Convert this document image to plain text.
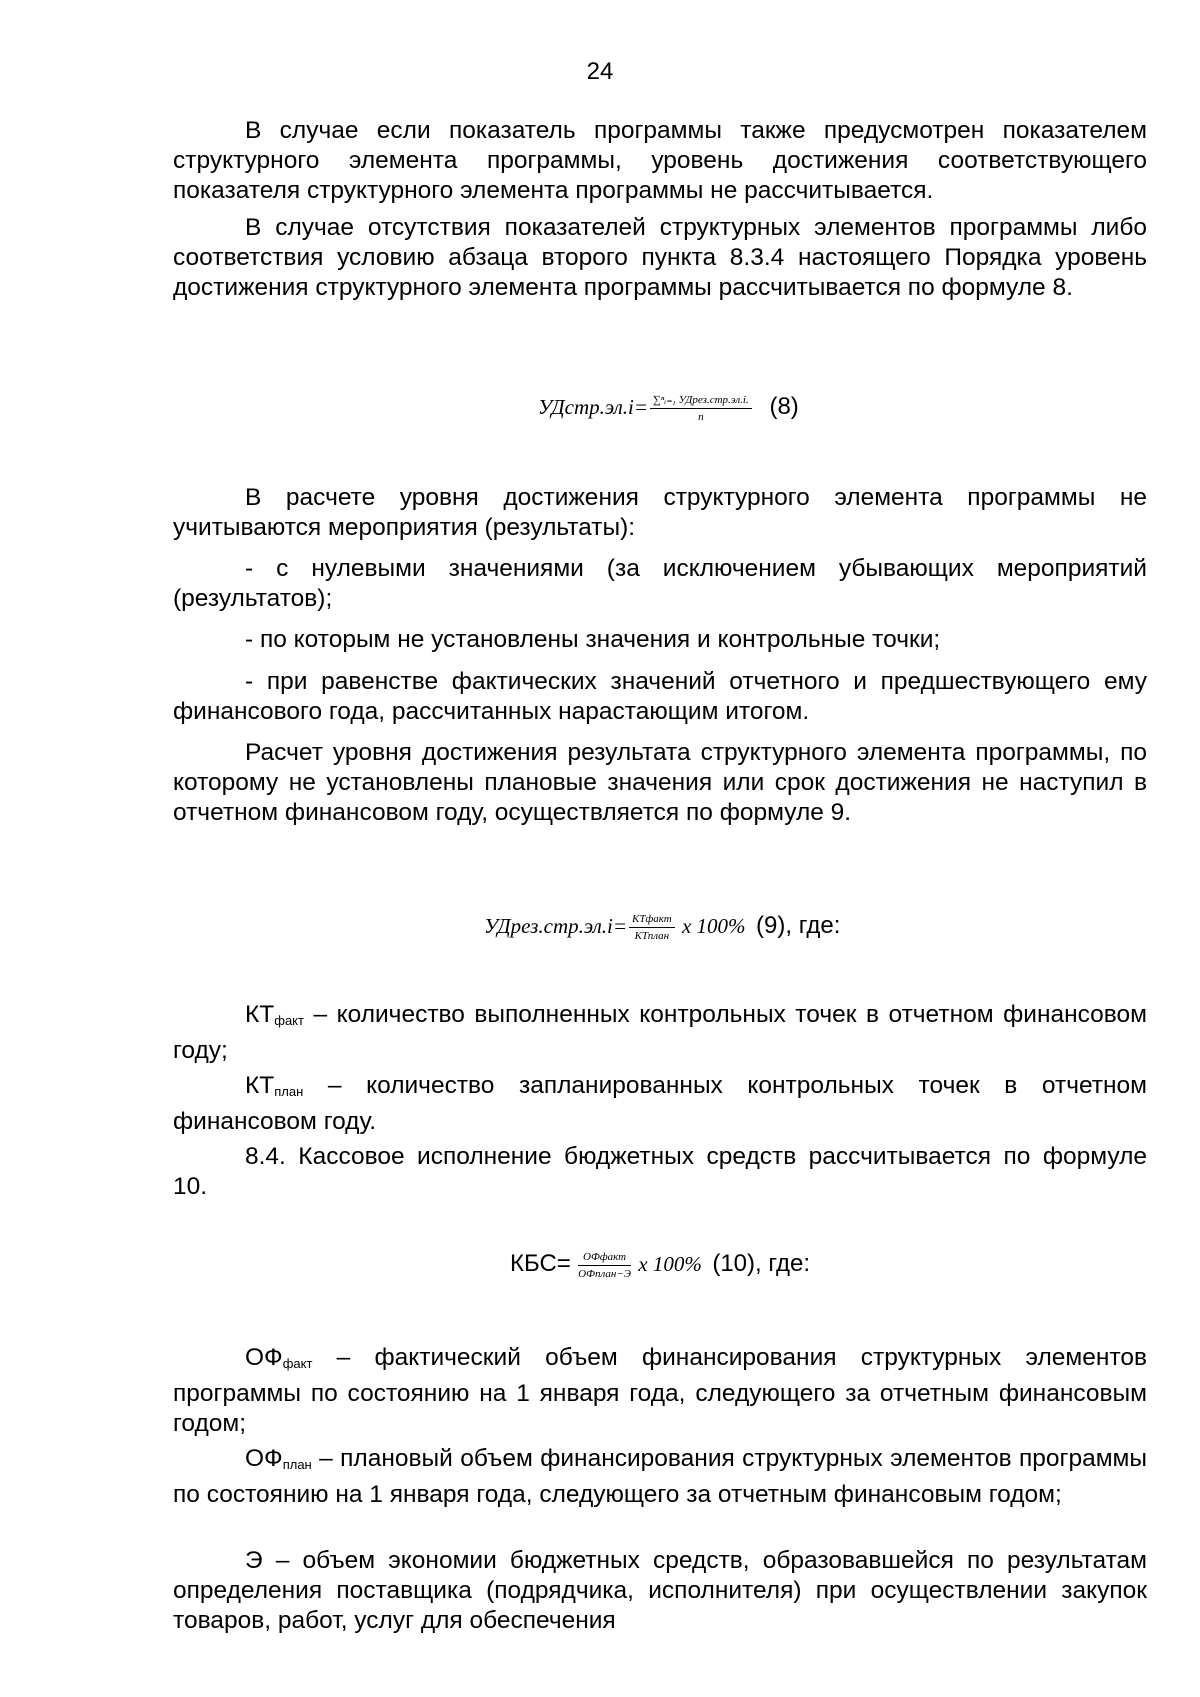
24

В случае если показатель программы также предусмотрен показателем структурного элемента программы, уровень достижения соответствующего показателя структурного элемента программы не рассчитывается.

В случае отсутствия показателей структурных элементов программы либо соответствия условию абзаца второго пункта 8.3.4 настоящего Порядка уровень достижения структурного элемента программы рассчитывается по формуле 8.

УДстр.эл.i= $\frac{\text{∑ⁿᵢ₌₁ УДрез.стр.эл.i.}}{n} (8)$

В расчете уровня достижения структурного элемента программы не учитываются мероприятия (результаты):

- с нулевыми значениями (за исключением убывающих мероприятий (результатов);

- по которым не установлены значения и контрольные точки;

- при равенстве фактических значений отчетного и предшествующего ему финансового года, рассчитанных нарастающим итогом.

Расчет уровня достижения результата структурного элемента программы, по которому не установлены плановые значения или срок достижения не наступил в отчетном финансовом году, осуществляется по формуле 9.

УДрез.стр.эл.i= $\frac{\text{КТфакт}}{\text{КТплан}}$ x 100% (9), где:

$КТ_{факт}$ – количество выполненных контрольных точек в отчетном финансовом году;

$КТ_{план}$ – количество запланированных контрольных точек в отчетном финансовом году.

8.4. Кассовое исполнение бюджетных средств рассчитывается по формуле 10.

$КБС= \frac{\text{ОФфакт}}{\text{ОФплан−Э}}$ x 100% (10), где:

$ОФ_{факт}$ – фактический объем финансирования структурных элементов программы по состоянию на 1 января года, следующего за отчетным финансовым годом;

$ОФ_{план}$ – плановый объем финансирования структурных элементов программы по состоянию на 1 января года, следующего за отчетным финансовым годом;

Э – объем экономии бюджетных средств, образовавшейся по результатам определения поставщика (подрядчика, исполнителя) при осуществлении закупок товаров, работ, услуг для обеспечения
